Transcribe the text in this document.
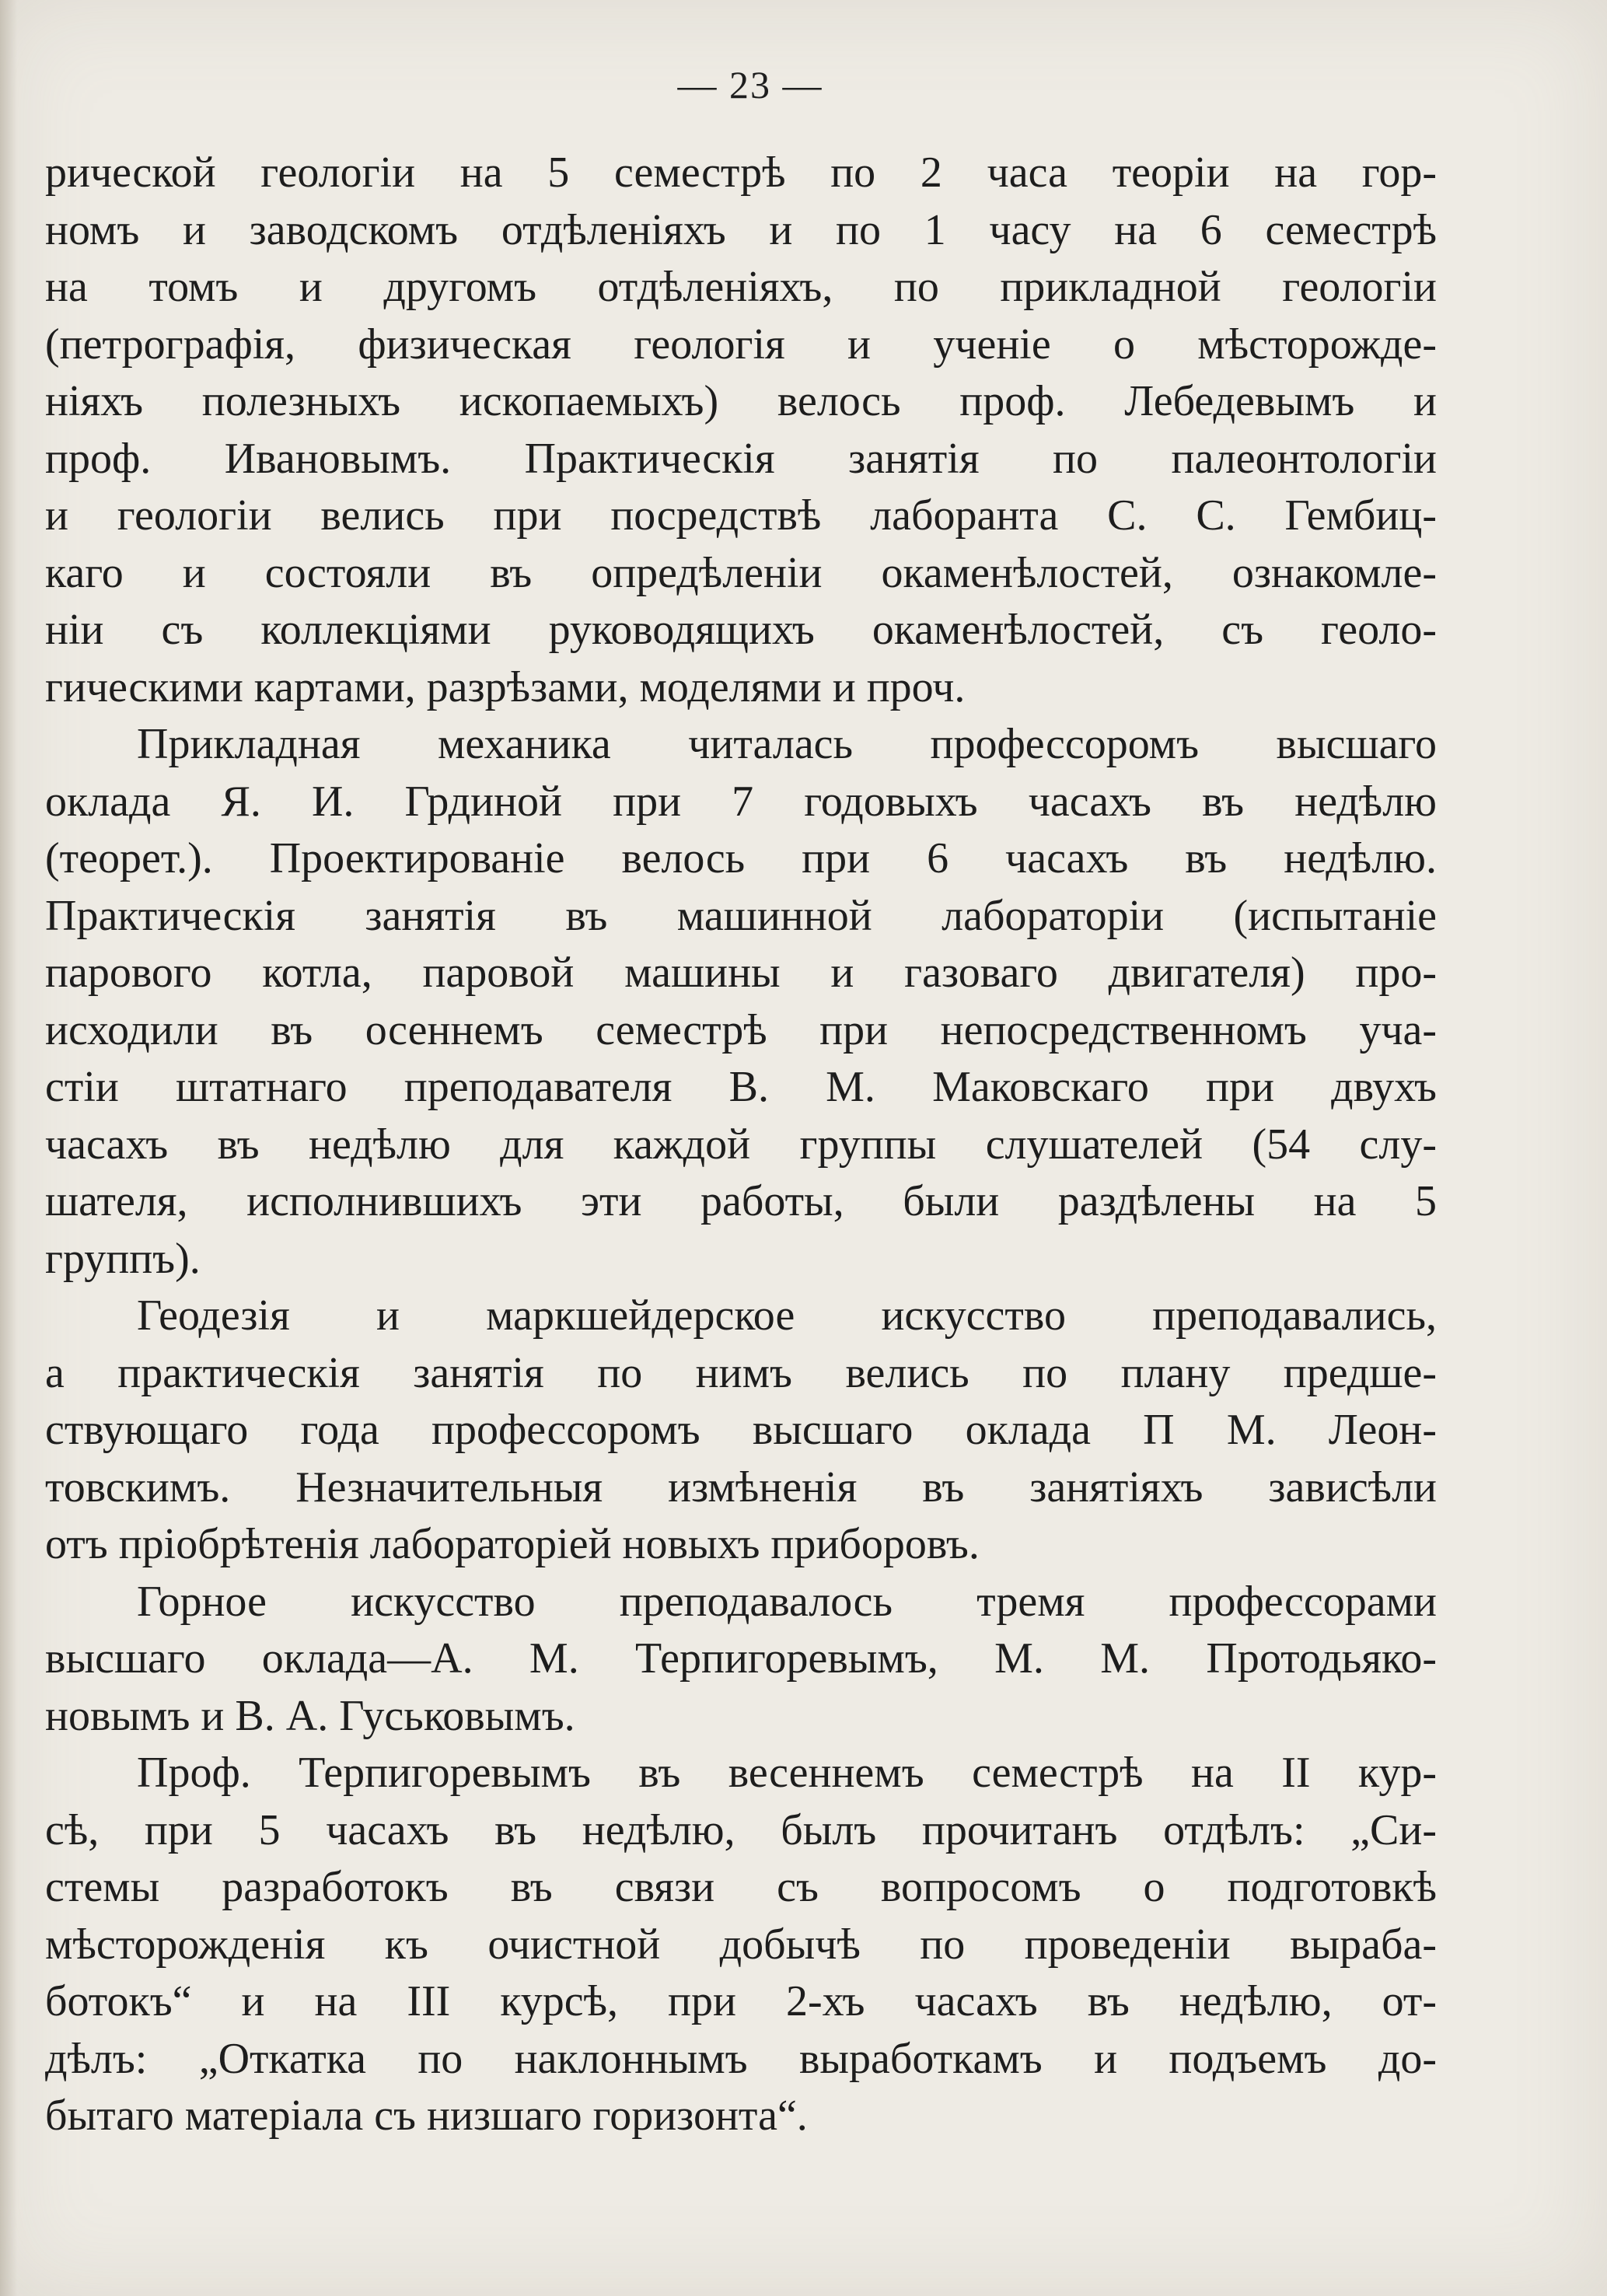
— 23 —
рической геологіи на 5 семестрѣ по 2 часа теоріи на гор-
номъ и заводскомъ отдѣленіяхъ и по 1 часу на 6 семестрѣ
на томъ и другомъ отдѣленіяхъ, по прикладной геологіи
(петрографія, физическая геологія и ученіе о мѣсторожде-
ніяхъ полезныхъ ископаемыхъ) велось проф. Лебедевымъ и
проф. Ивановымъ. Практическія занятія по палеонтологіи
и геологіи велись при посредствѣ лаборанта С. С. Гембиц-
каго и состояли въ опредѣленіи окаменѣлостей, ознакомле-
ніи съ коллекціями руководящихъ окаменѣлостей, съ геоло-
гическими картами, разрѣзами, моделями и проч.
Прикладная механика читалась профессоромъ высшаго
оклада Я. И. Грдиной при 7 годовыхъ часахъ въ недѣлю
(теорет.). Проектированіе велось при 6 часахъ въ недѣлю.
Практическія занятія въ машинной лабораторіи (испытаніе
парового котла, паровой машины и газоваго двигателя) про-
исходили въ осеннемъ семестрѣ при непосредственномъ уча-
стіи штатнаго преподавателя В. М. Маковскаго при двухъ
часахъ въ недѣлю для каждой группы слушателей (54 слу-
шателя, исполнившихъ эти работы, были раздѣлены на 5
группъ).
Геодезія и маркшейдерское искусство преподавались,
а практическія занятія по нимъ велись по плану предше-
ствующаго года профессоромъ высшаго оклада П М. Леон-
товскимъ. Незначительныя измѣненія въ занятіяхъ зависѣли
отъ пріобрѣтенія лабораторіей новыхъ приборовъ.
Горное искусство преподавалось тремя профессорами
высшаго оклада—А. М. Терпигоревымъ, М. М. Протодьяко-
новымъ и В. А. Гуськовымъ.
Проф. Терпигоревымъ въ весеннемъ семестрѣ на II кур-
сѣ, при 5 часахъ въ недѣлю, былъ прочитанъ отдѣлъ: „Си-
стемы разработокъ въ связи съ вопросомъ о подготовкѣ
мѣсторожденія къ очистной добычѣ по проведеніи выраба-
ботокъ“ и на III курсѣ, при 2-хъ часахъ въ недѣлю, от-
дѣлъ: „Откатка по наклоннымъ выработкамъ и подъемъ до-
бытаго матеріала съ низшаго горизонта“.
